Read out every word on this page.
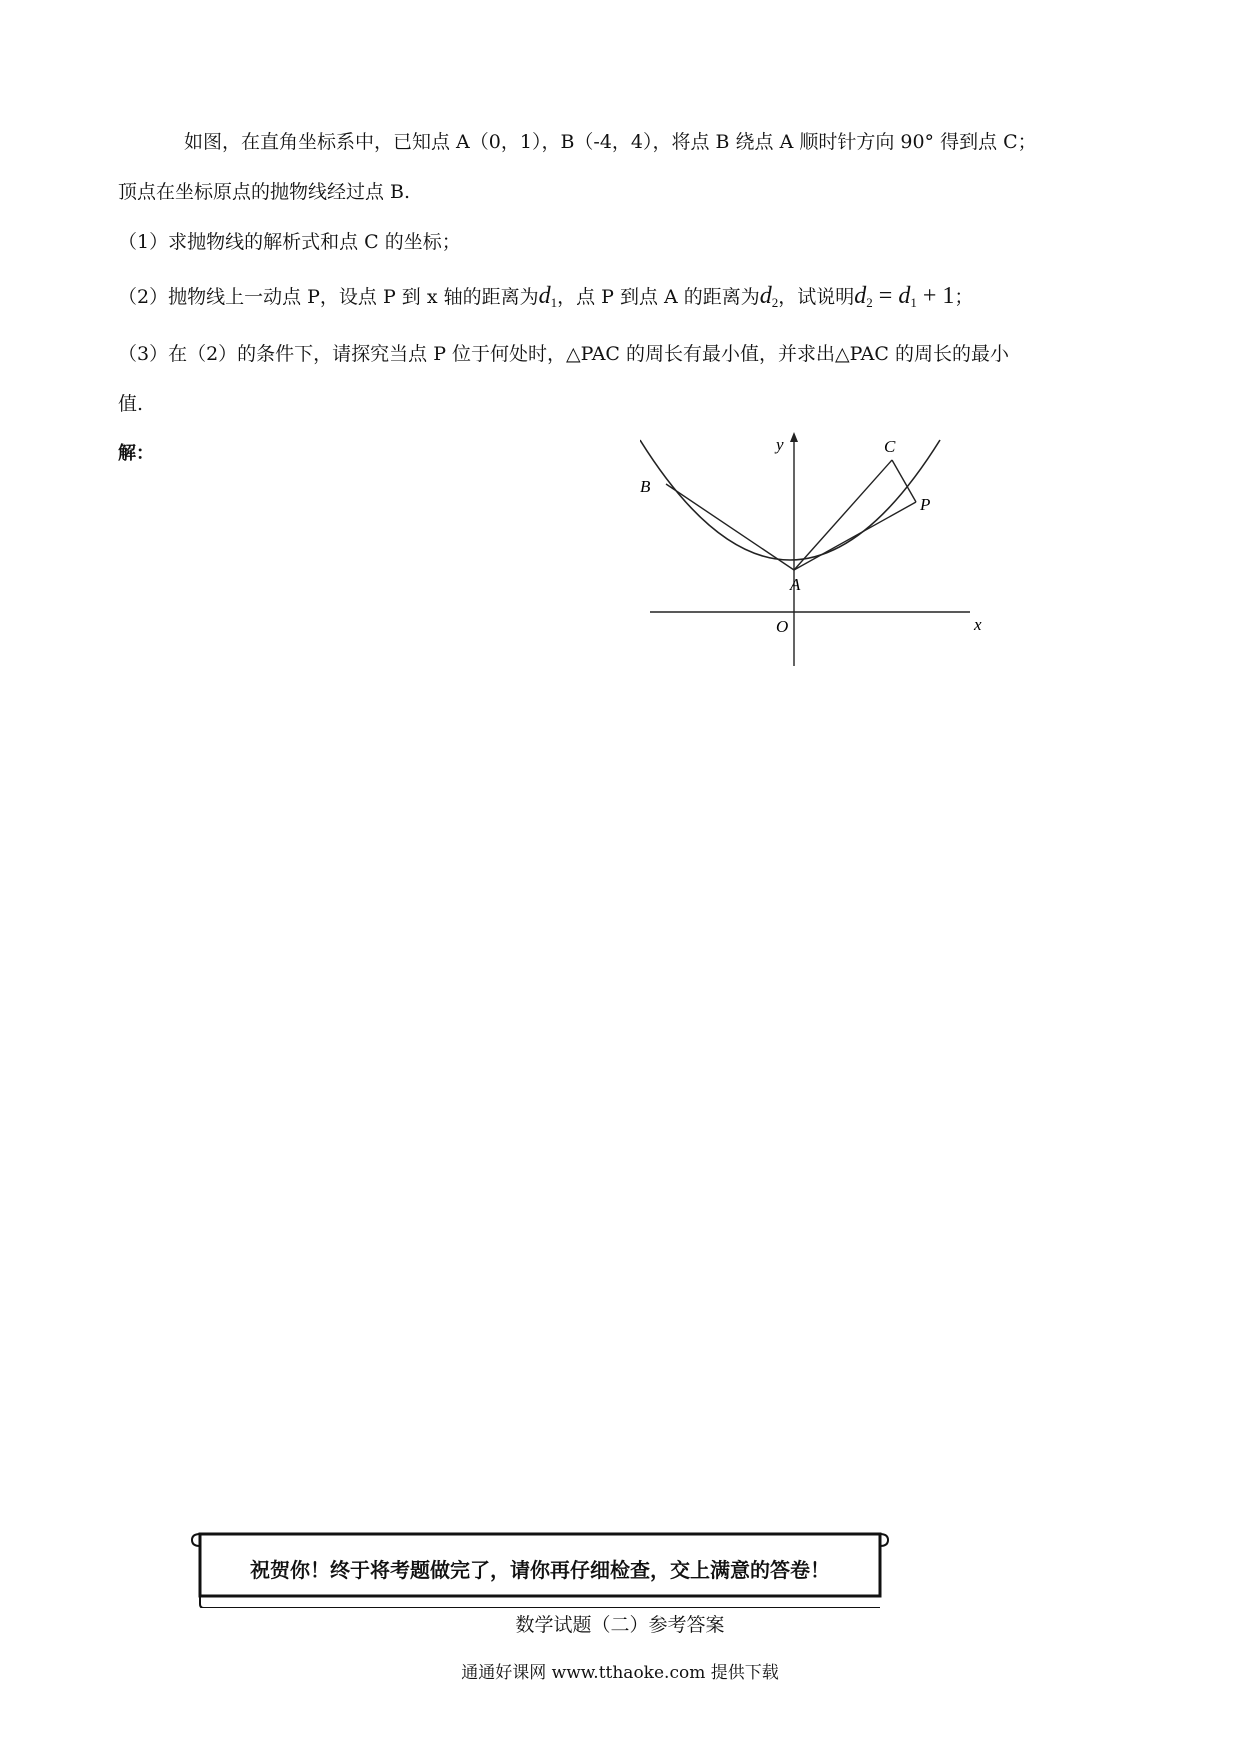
如图，在直角坐标系中，已知点 A（0，1），B（-4，4），将点 B 绕点 A 顺时针方向 90° 得到点 C；
顶点在坐标原点的抛物线经过点 B.
（1）求抛物线的解析式和点 C 的坐标；
（2）抛物线上一动点 P，设点 P 到 x 轴的距离为$d_1$，点 P 到点 A 的距离为$d_2$，试说明$d_2 = d_1 + 1$；
（3）在（2）的条件下，请探究当点 P 位于何处时，△PAC 的周长有最小值，并求出△PAC 的周长的最小
值.
解：	y
x
O
A
B
C
P
祝贺你！终于将考题做完了，请你再仔细检查，交上满意的答卷！
数学试题（二）参考答案
通通好课网 www.tthaoke.com 提供下载
